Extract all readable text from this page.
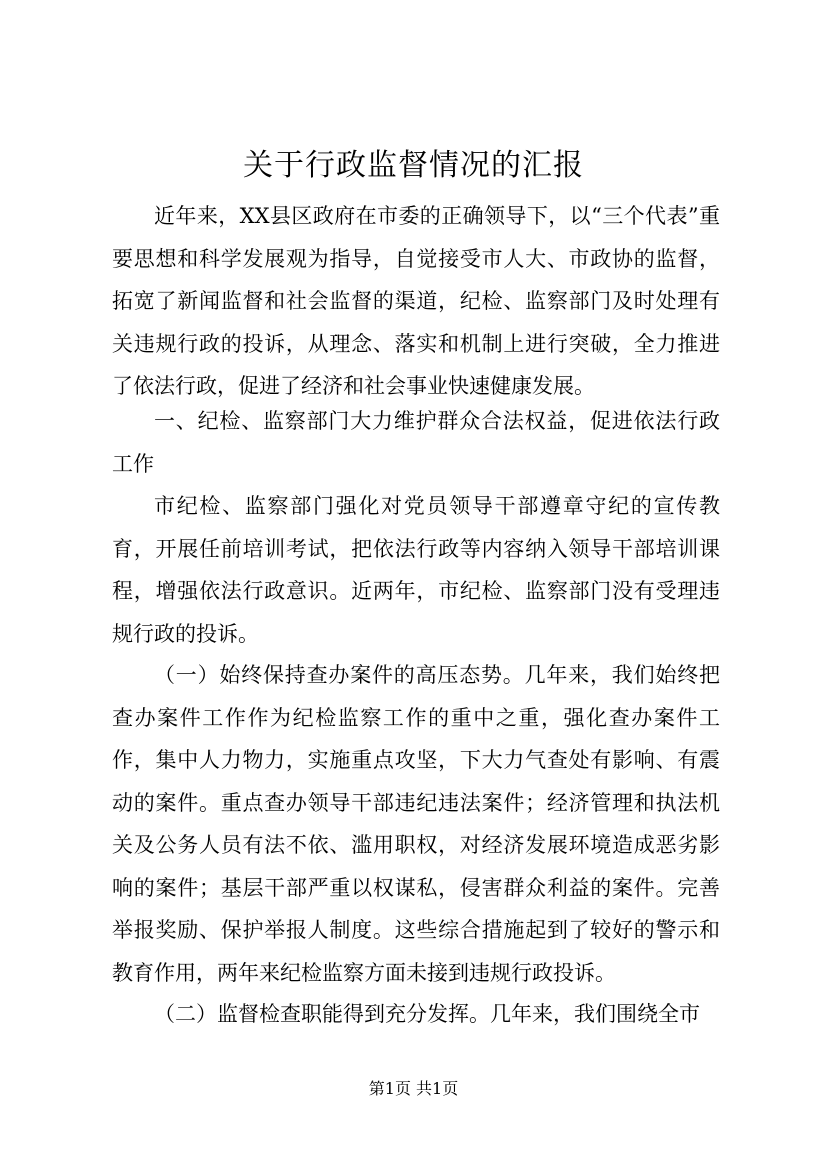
关于行政监督情况的汇报

近年来，XX县区政府在市委的正确领导下，以“三个代表”重要思想和科学发展观为指导，自觉接受市人大、市政协的监督，拓宽了新闻监督和社会监督的渠道，纪检、监察部门及时处理有关违规行政的投诉，从理念、落实和机制上进行突破，全力推进了依法行政，促进了经济和社会事业快速健康发展。

一、纪检、监察部门大力维护群众合法权益，促进依法行政工作

市纪检、监察部门强化对党员领导干部遵章守纪的宣传教育，开展任前培训考试，把依法行政等内容纳入领导干部培训课程，增强依法行政意识。近两年，市纪检、监察部门没有受理违规行政的投诉。

（一）始终保持查办案件的高压态势。几年来，我们始终把查办案件工作作为纪检监察工作的重中之重，强化查办案件工作，集中人力物力，实施重点攻坚，下大力气查处有影响、有震动的案件。重点查办领导干部违纪违法案件；经济管理和执法机关及公务人员有法不依、滥用职权，对经济发展环境造成恶劣影响的案件；基层干部严重以权谋私，侵害群众利益的案件。完善举报奖励、保护举报人制度。这些综合措施起到了较好的警示和教育作用，两年来纪检监察方面未接到违规行政投诉。

（二）监督检查职能得到充分发挥。几年来，我们围绕全市

第1页 共1页
